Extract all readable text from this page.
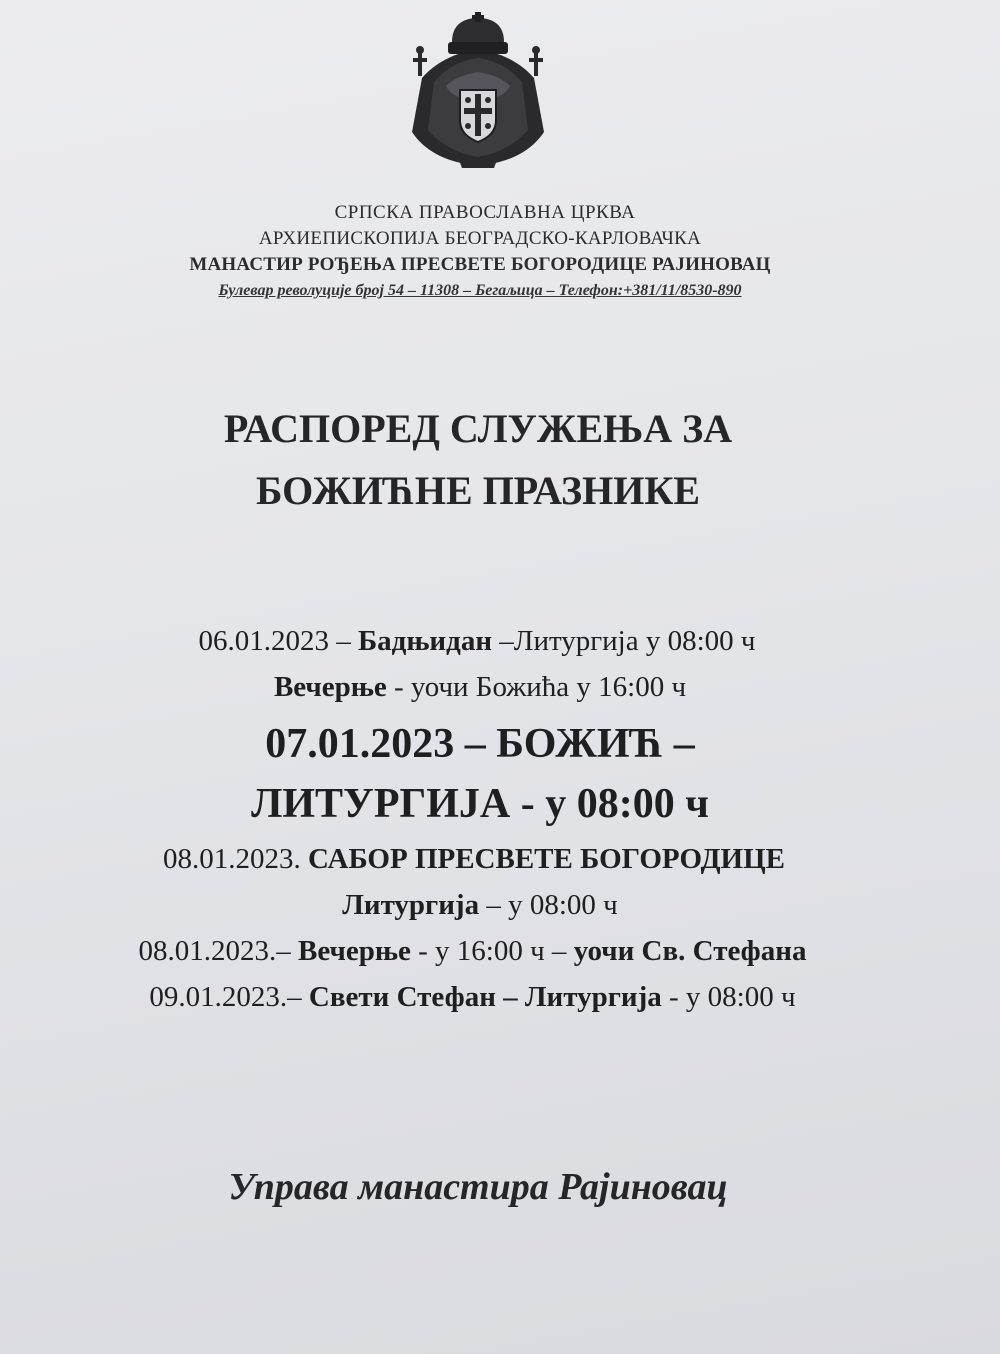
СРПСКА ПРАВОСЛАВНА ЦРКВА
АРХИЕПИСКОПИЈА БЕОГРАДСКО-КАРЛОВАЧКА
МАНАСТИР РОЂЕЊА ПРЕСВЕТЕ БОГОРОДИЦЕ РАЈИНОВАЦ
Булевар револуције број 54 – 11308 – Бегаљица – Телефон:+381/11/8530-890
РАСПОРЕД СЛУЖЕЊА ЗА
БОЖИЋНЕ ПРАЗНИКЕ
06.01.2023 – Бадњидан –Литургија у 08:00 ч
Вечерње - уочи Божића у 16:00 ч
07.01.2023 – БОЖИЋ –
ЛИТУРГИЈА - у 08:00 ч
08.01.2023. САБОР ПРЕСВЕТЕ БОГОРОДИЦЕ
Литургија – у 08:00 ч
08.01.2023.– Вечерње - у 16:00 ч – уочи Св. Стефана
09.01.2023.– Свети Стефан – Литургија - у 08:00 ч
Управа манастира Рајиновац
